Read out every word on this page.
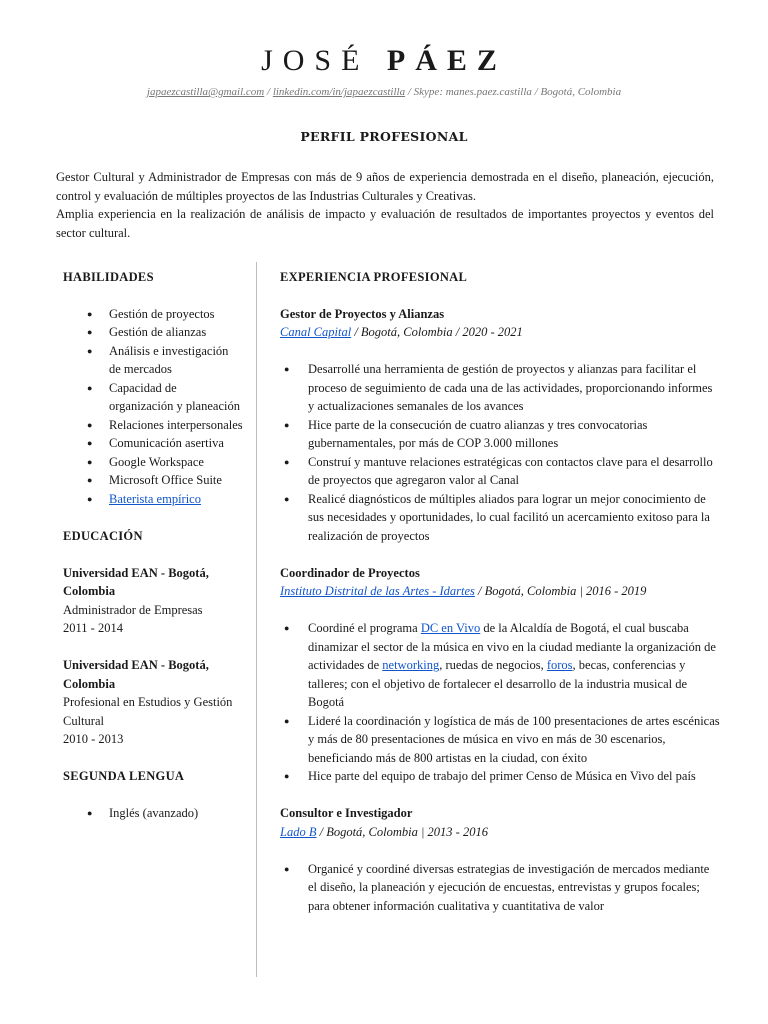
JOSÉ PÁEZ
japaezcastilla@gmail.com / linkedin.com/in/japaezcastilla / Skype: manes.paez.castilla / Bogotá, Colombia
PERFIL PROFESIONAL

Gestor Cultural y Administrador de Empresas con más de 9 años de experiencia demostrada en el diseño, planeación, ejecución, control y evaluación de múltiples proyectos de las Industrias Culturales y Creativas.

Amplia experiencia en la realización de análisis de impacto y evaluación de resultados de importantes proyectos y eventos del sector cultural.

HABILIDADES
● Gestión de proyectos
● Gestión de alianzas
● Análisis e investigación de mercados
● Capacidad de organización y planeación
● Relaciones interpersonales
● Comunicación asertiva
● Google Workspace
● Microsoft Office Suite
● Baterista empírico
EDUCACIÓN
Universidad EAN - Bogotá, Colombia
Administrador de Empresas
2011 - 2014
Universidad EAN - Bogotá, Colombia
Profesional en Estudios y Gestión Cultural
2010 - 2013
SEGUNDA LENGUA
● Inglés (avanzado)
EXPERIENCIA PROFESIONAL
Gestor de Proyectos y Alianzas
Canal Capital / Bogotá, Colombia / 2020 - 2021
● Desarrollé una herramienta de gestión de proyectos y alianzas para facilitar el proceso de seguimiento de cada una de las actividades, proporcionando informes y actualizaciones semanales de los avances
● Hice parte de la consecución de cuatro alianzas y tres convocatorias gubernamentales, por más de COP 3.000 millones
● Construí y mantuve relaciones estratégicas con contactos clave para el desarrollo de proyectos que agregaron valor al Canal
● Realicé diagnósticos de múltiples aliados para lograr un mejor conocimiento de sus necesidades y oportunidades, lo cual facilitó un acercamiento exitoso para la realización de proyectos
Coordinador de Proyectos
Instituto Distrital de las Artes - Idartes / Bogotá, Colombia | 2016 - 2019
● Coordiné el programa DC en Vivo de la Alcaldía de Bogotá, el cual buscaba dinamizar el sector de la música en vivo en la ciudad mediante la organización de actividades de networking, ruedas de negocios, foros, becas, conferencias y talleres; con el objetivo de fortalecer el desarrollo de la industria musical de Bogotá
● Lideré la coordinación y logística de más de 100 presentaciones de artes escénicas y más de 80 presentaciones de música en vivo en más de 30 escenarios, beneficiando más de 800 artistas en la ciudad, con éxito
● Hice parte del equipo de trabajo del primer Censo de Música en Vivo del país
Consultor e Investigador
Lado B / Bogotá, Colombia | 2013 - 2016
● Organicé y coordiné diversas estrategias de investigación de mercados mediante el diseño, la planeación y ejecución de encuestas, entrevistas y grupos focales; para obtener información cualitativa y cuantitativa de valor
